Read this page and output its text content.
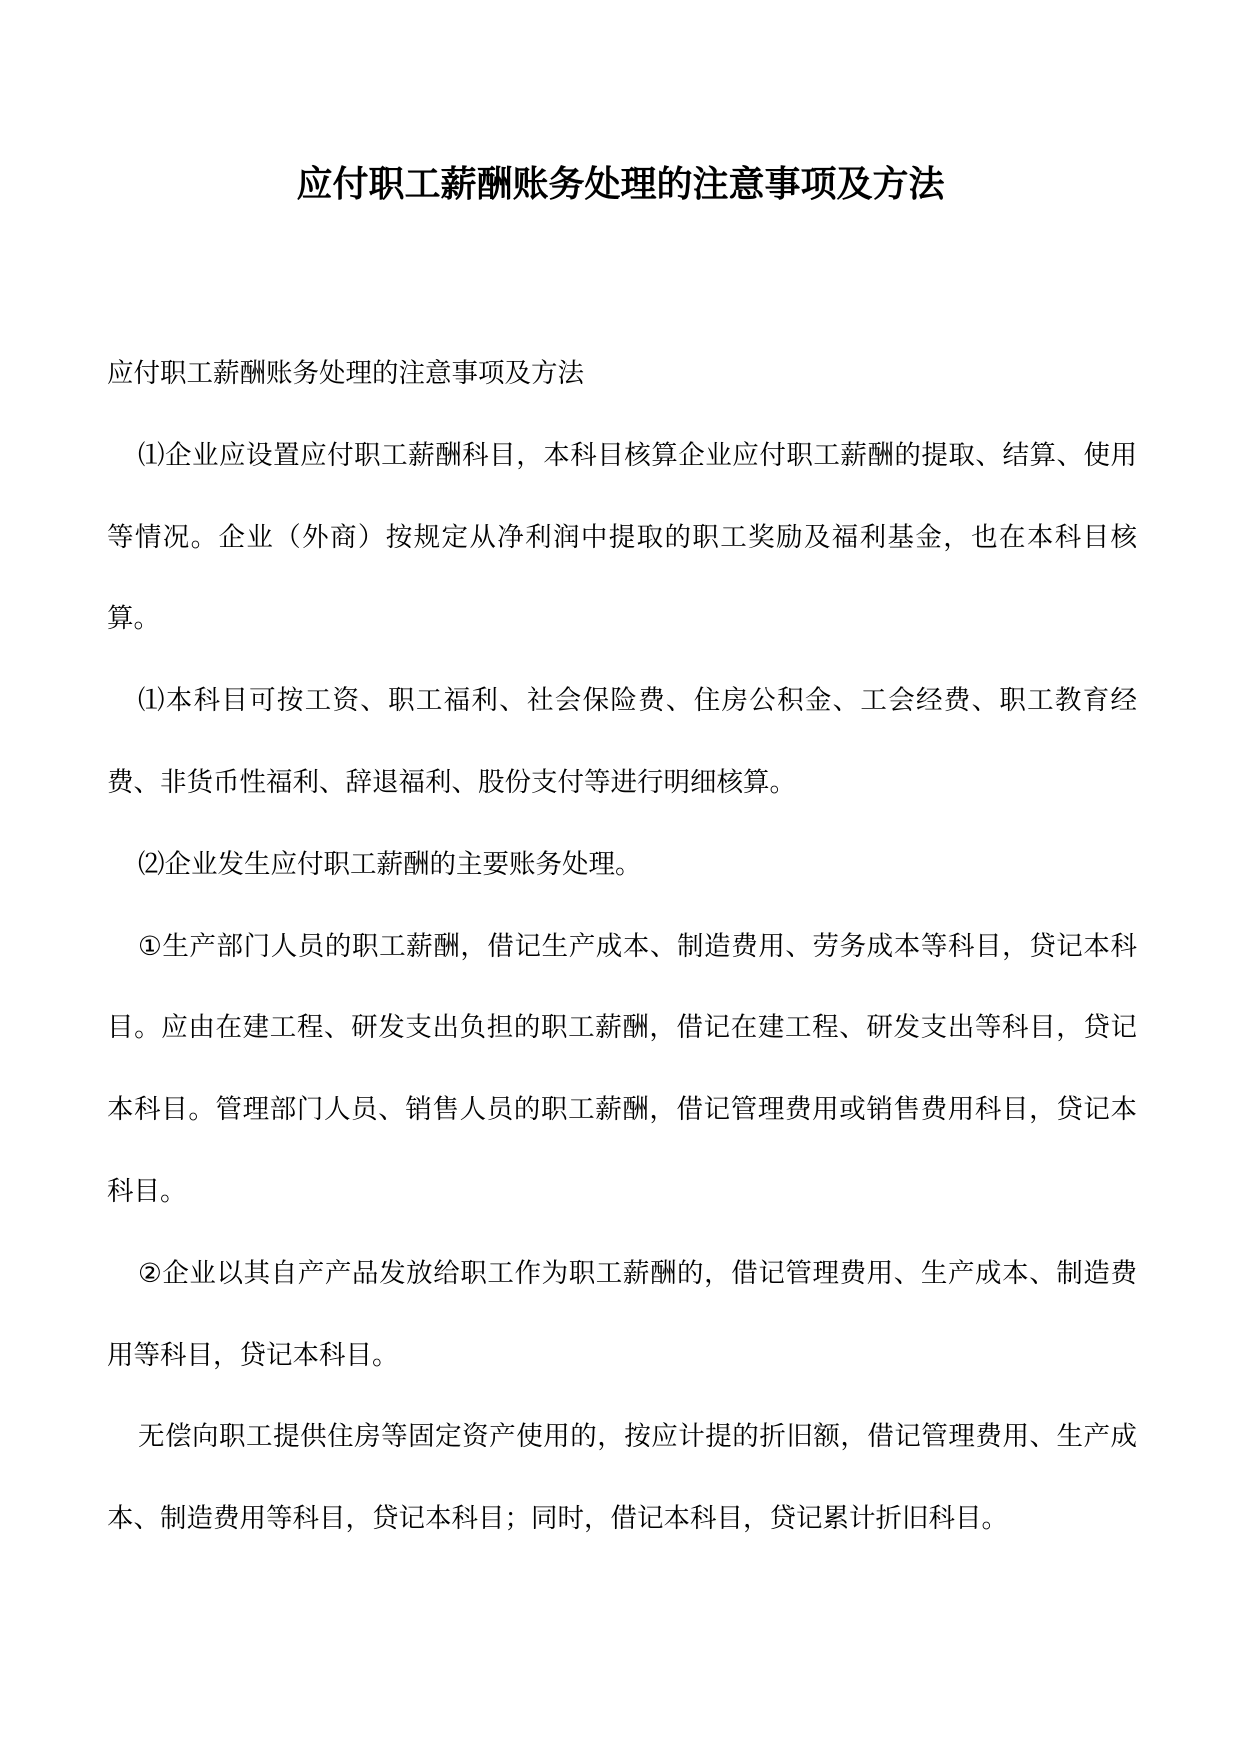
应付职工薪酬账务处理的注意事项及方法

应付职工薪酬账务处理的注意事项及方法

⑴企业应设置应付职工薪酬科目，本科目核算企业应付职工薪酬的提取、结算、使用等情况。企业（外商）按规定从净利润中提取的职工奖励及福利基金，也在本科目核算。

⑴本科目可按工资、职工福利、社会保险费、住房公积金、工会经费、职工教育经费、非货币性福利、辞退福利、股份支付等进行明细核算。

⑵企业发生应付职工薪酬的主要账务处理。

①生产部门人员的职工薪酬，借记生产成本、制造费用、劳务成本等科目，贷记本科目。应由在建工程、研发支出负担的职工薪酬，借记在建工程、研发支出等科目，贷记本科目。管理部门人员、销售人员的职工薪酬，借记管理费用或销售费用科目，贷记本科目。

②企业以其自产产品发放给职工作为职工薪酬的，借记管理费用、生产成本、制造费用等科目，贷记本科目。

无偿向职工提供住房等固定资产使用的，按应计提的折旧额，借记管理费用、生产成本、制造费用等科目，贷记本科目；同时，借记本科目，贷记累计折旧科目。
